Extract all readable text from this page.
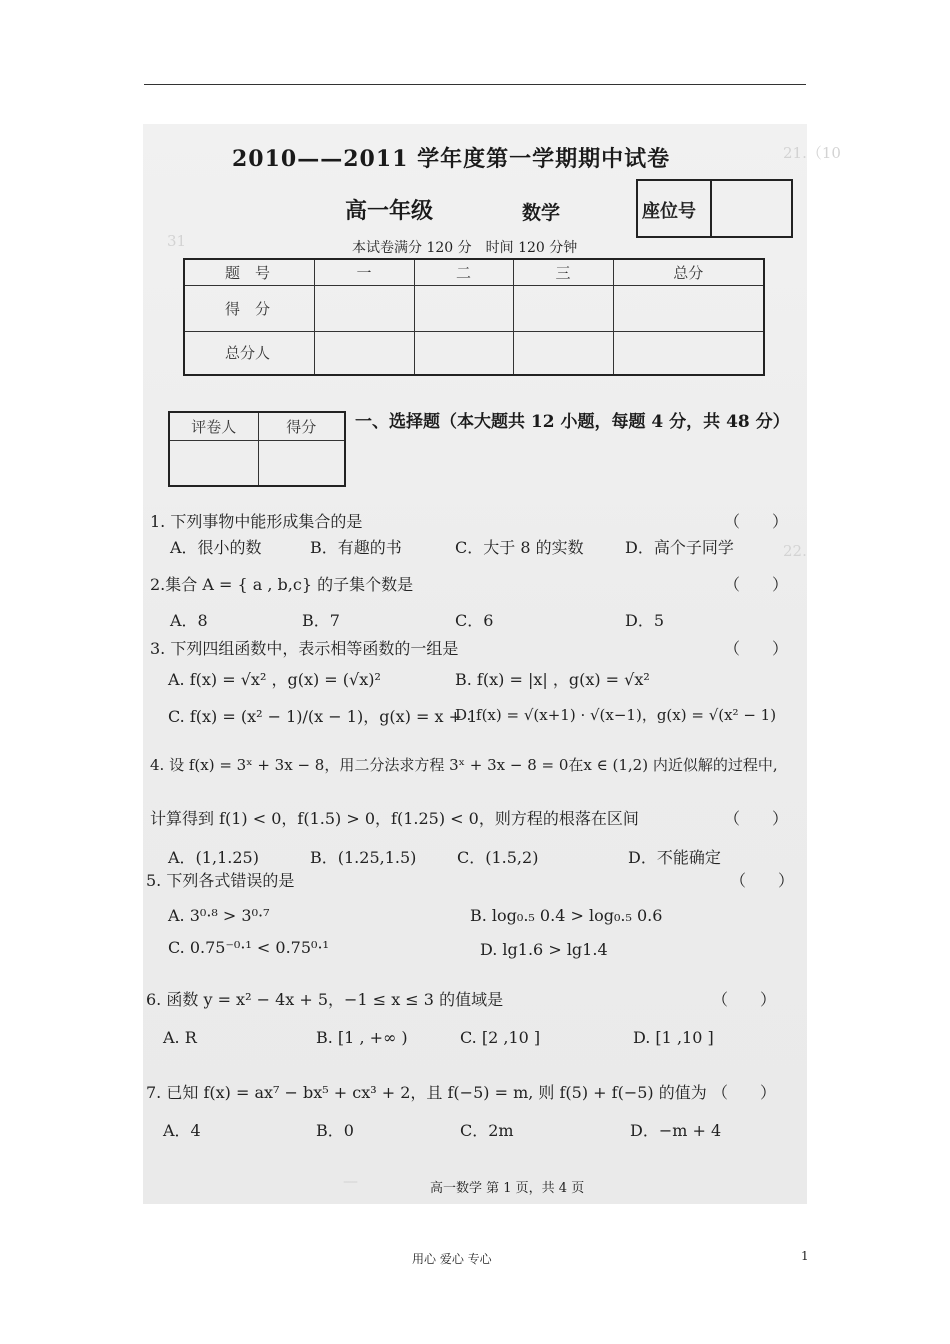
21.（10
31
22.
—
2010——2011 学年度第一学期期中试卷
高一年级	数学	座位号
本试卷满分 120 分　时间 120 分钟
题　号	一	二	三	总分
得　分				
总分人				
评卷人	得分
	一、选择题（本大题共 12 小题，每题 4 分，共 48 分）
1. 下列事物中能形成集合的是	（　　）
A．很小的数	B．有趣的书	C．大于 8 的实数	D．高个子同学
2.集合 A = { a , b,c} 的子集个数是	（　　）
A．8	B．7	C．6	D．5
3. 下列四组函数中，表示相等函数的一组是	（　　）
A. f(x) = √x² ，g(x) = (√x)²	B. f(x) = |x| ，g(x) = √x²
C. f(x) = (x² − 1)/(x − 1)，g(x) = x + 1
D. f(x) = √(x+1) · √(x−1)，g(x) = √(x² − 1)
4. 设 f(x) = 3ˣ + 3x − 8，用二分法求方程 3ˣ + 3x − 8 = 0在x ∈ (1,2) 内近似解的过程中,
计算得到 f(1) < 0，f(1.5) > 0，f(1.25) < 0，则方程的根落在区间	（　　）
A．(1,1.25)	B．(1.25,1.5)	C．(1.5,2)	D．不能确定
5. 下列各式错误的是	（　　）
A. 3⁰·⁸ > 3⁰·⁷	B. log₀.₅ 0.4 > log₀.₅ 0.6
C. 0.75⁻⁰·¹ < 0.75⁰·¹	D. lg1.6 > lg1.4
6. 函数 y = x² − 4x + 5，−1 ≤ x ≤ 3 的值域是	（　　）
A. R	B. [1 , +∞ )	C. [2 ,10 ]	D. [1 ,10 ]
7. 已知 f(x) = ax⁷ − bx⁵ + cx³ + 2，且 f(−5) = m, 则 f(5) + f(−5) 的值为 （　　）
A．4	B．0	C．2m	D．−m + 4
高一数学 第 1 页，共 4 页
用心 爱心 专心	1
